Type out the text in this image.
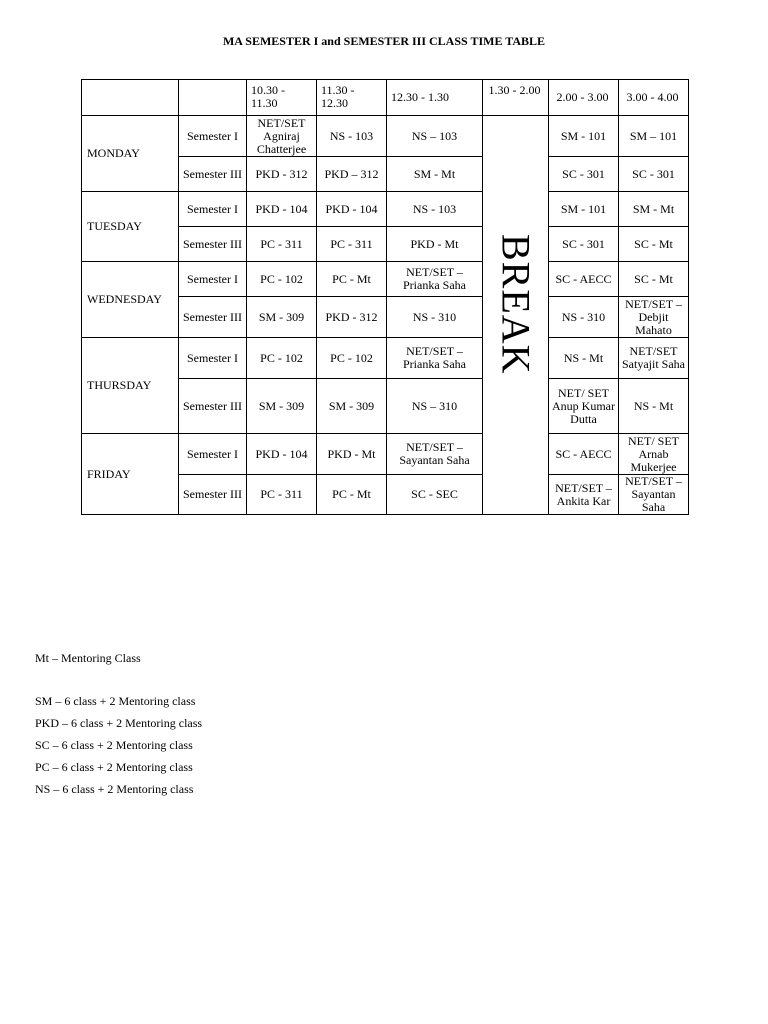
MA SEMESTER I and SEMESTER III CLASS TIME TABLE
		10.30 - 11.30	11.30 - 12.30	12.30 - 1.30	1.30 - 2.00	2.00 - 3.00	3.00 - 4.00
MONDAY	Semester I	NET/SET Agniraj Chatterjee	NS - 103	NS – 103	BREAK	SM - 101	SM – 101
	Semester III	PKD - 312	PKD – 312	SM - Mt		SC - 301	SC - 301
TUESDAY	Semester I	PKD - 104	PKD - 104	NS - 103		SM - 101	SM - Mt
	Semester III	PC - 311	PC - 311	PKD - Mt		SC - 301	SC - Mt
WEDNESDAY	Semester I	PC - 102	PC - Mt	NET/SET – Prianka Saha		SC - AECC	SC - Mt
	Semester III	SM - 309	PKD - 312	NS - 310		NS - 310	NET/SET – Debjit Mahato
THURSDAY	Semester I	PC - 102	PC - 102	NET/SET – Prianka Saha		NS - Mt	NET/SET Satyajit Saha
	Semester III	SM - 309	SM - 309	NS – 310		NET/ SET Anup Kumar Dutta	NS - Mt
FRIDAY	Semester I	PKD - 104	PKD - Mt	NET/SET – Sayantan Saha		SC - AECC	NET/ SET Arnab Mukerjee
	Semester III	PC - 311	PC - Mt	SC - SEC		NET/SET – Ankita Kar	NET/SET – Sayantan Saha
Mt – Mentoring Class
SM – 6 class + 2 Mentoring class
PKD – 6 class + 2 Mentoring class
SC – 6 class + 2 Mentoring class
PC – 6 class + 2 Mentoring class
NS – 6 class + 2 Mentoring class
